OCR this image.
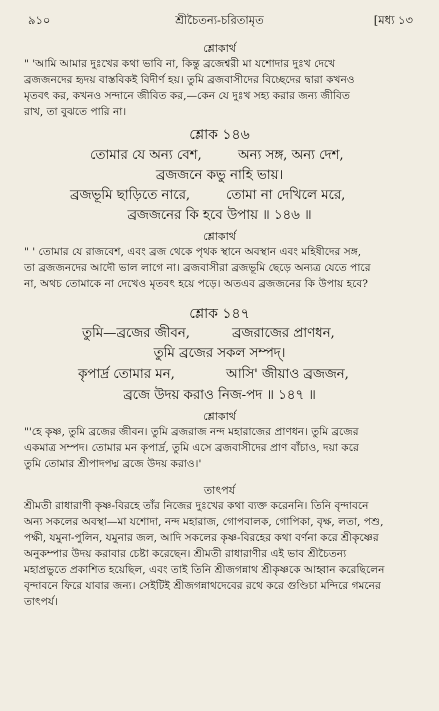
৯১০	শ্রীচৈতন্য-চরিতামৃত	[মধ্য ১৩
শ্লোকার্থ

" 'আমি আমার দুঃখের কথা ভাবি না, কিন্তু ব্রজেশ্বরী মা যশোদার দুঃখ দেখে

ব্রজজনদের হৃদয় বাস্তবিকই বিদীর্ণ হয়। তুমি ব্রজবাসীদের বিচ্ছেদের দ্বারা কখনও

মৃতবৎ কর, কখনও সন্দানে জীবিত কর,—কেন যে দুঃখ সহ্য করার জন্য জীবিত

রাখ, তা বুঝতে পারি না।

শ্লোক ১৪৬
তোমার যে অন্য বেশ,	অন্য সঙ্গ, অন্য দেশ,
ব্রজজনে কভু নাহি ভায়।
ব্রজভূমি ছাড়িতে নারে,	তোমা না দেখিলে মরে,
ব্রজজনের কি হবে উপায় ॥ ১৪৬ ॥
শ্লোকার্থ

" ' তোমার যে রাজবেশ, এবং ব্রজ থেকে পৃথক স্থানে অবস্থান এবং মহিষীদের সঙ্গ,

তা ব্রজজনদের আদৌ ভাল লাগে না। ব্রজবাসীরা ব্রজভূমি ছেড়ে অন্যত্র যেতে পারে

না, অথচ তোমাকে না দেখেও মৃতবৎ হয়ে পড়ে। অতএব ব্রজজনের কি উপায় হবে?

শ্লোক ১৪৭
তুমি—ব্রজের জীবন,	ব্রজরাজের প্রাণধন,
তুমি ব্রজের সকল সম্পদ্।
কৃপার্দ্র তোমার মন,	আসি' জীয়াও ব্রজজন,
ব্রজে উদয় করাও নিজ-পদ ॥ ১৪৭ ॥
শ্লোকার্থ

"'হে কৃষ্ণ, তুমি ব্রজের জীবন। তুমি ব্রজরাজ নন্দ মহারাজের প্রাণধন। তুমি ব্রজের

একমাত্র সম্পদ। তোমার মন কৃপার্দ্র, তুমি এসে ব্রজবাসীদের প্রাণ বাঁচাও, দয়া করে

তুমি তোমার শ্রীপাদপদ্ম ব্রজে উদয় করাও।'

তাৎপর্য

শ্রীমতী রাধারাণী কৃষ্ণ-বিরহে তাঁর নিজের দুঃখের কথা ব্যক্ত করেননি। তিনি বৃন্দাবনে

অন্য সকলের অবস্থা—মা যশোদা, নন্দ মহারাজ, গোপবালক, গোপিকা, বৃক্ষ, লতা, পশু,

পক্ষী, যমুনা-পুলিন, যমুনার জল, আদি সকলের কৃষ্ণ-বিরহের কথা বর্ণনা করে শ্রীকৃষ্ণের

অনুকম্পার উদয় করাবার চেষ্টা করেছেন। শ্রীমতী রাধারাণীর এই ভাব শ্রীচৈতন্য

মহাপ্রভুতে প্রকাশিত হয়েছিল, এবং তাই তিনি শ্রীজগন্নাথ শ্রীকৃষ্ণকে আহ্বান করেছিলেন

বৃন্দাবনে ফিরে যাবার জন্য। সেইটিই শ্রীজগন্নাথদেবের রথে করে গুণ্ডিচা মন্দিরে গমনের

তাৎপর্য।
